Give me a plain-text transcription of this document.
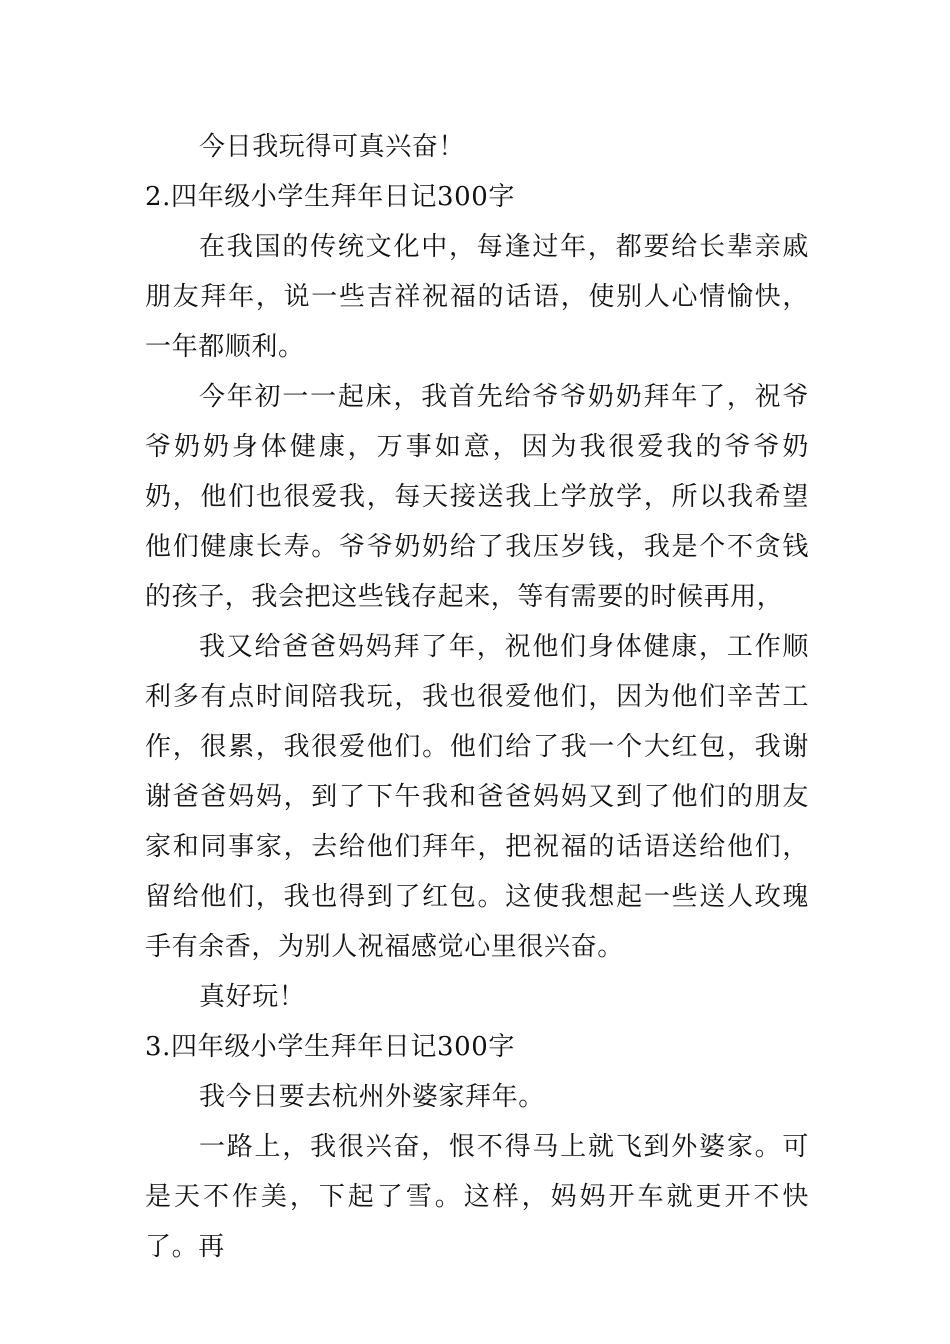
今日我玩得可真兴奋！

2.四年级小学生拜年日记300字

在我国的传统文化中，每逢过年，都要给长辈亲戚朋友拜年，说一些吉祥祝福的话语，使别人心情愉快，一年都顺利。

今年初一一起床，我首先给爷爷奶奶拜年了，祝爷爷奶奶身体健康，万事如意，因为我很爱我的爷爷奶奶，他们也很爱我，每天接送我上学放学，所以我希望他们健康长寿。爷爷奶奶给了我压岁钱，我是个不贪钱的孩子，我会把这些钱存起来，等有需要的时候再用，

我又给爸爸妈妈拜了年，祝他们身体健康，工作顺利多有点时间陪我玩，我也很爱他们，因为他们辛苦工作，很累，我很爱他们。他们给了我一个大红包，我谢谢爸爸妈妈，到了下午我和爸爸妈妈又到了他们的朋友家和同事家，去给他们拜年，把祝福的话语送给他们，留给他们，我也得到了红包。这使我想起一些送人玫瑰手有余香，为别人祝福感觉心里很兴奋。

真好玩！

3.四年级小学生拜年日记300字

我今日要去杭州外婆家拜年。

一路上，我很兴奋，恨不得马上就飞到外婆家。可是天不作美，下起了雪。这样，妈妈开车就更开不快了。再
